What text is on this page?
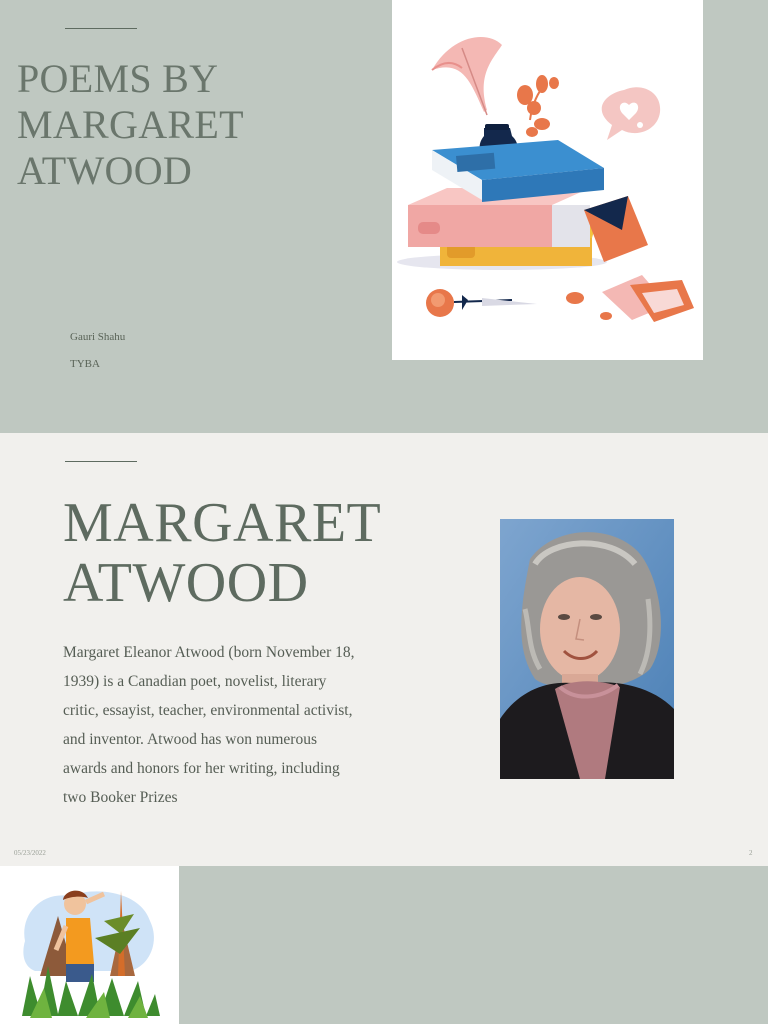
POEMS BY MARGARET ATWOOD
Gauri Shahu
TYBA
MARGARET
ATWOOD

Margaret Eleanor Atwood (born November 18, 1939) is a Canadian poet, novelist, literary critic, essayist, teacher, environmental activist, and inventor. Atwood has won numerous awards and honors for her writing, including two Booker Prizes

05/23/2022	2
